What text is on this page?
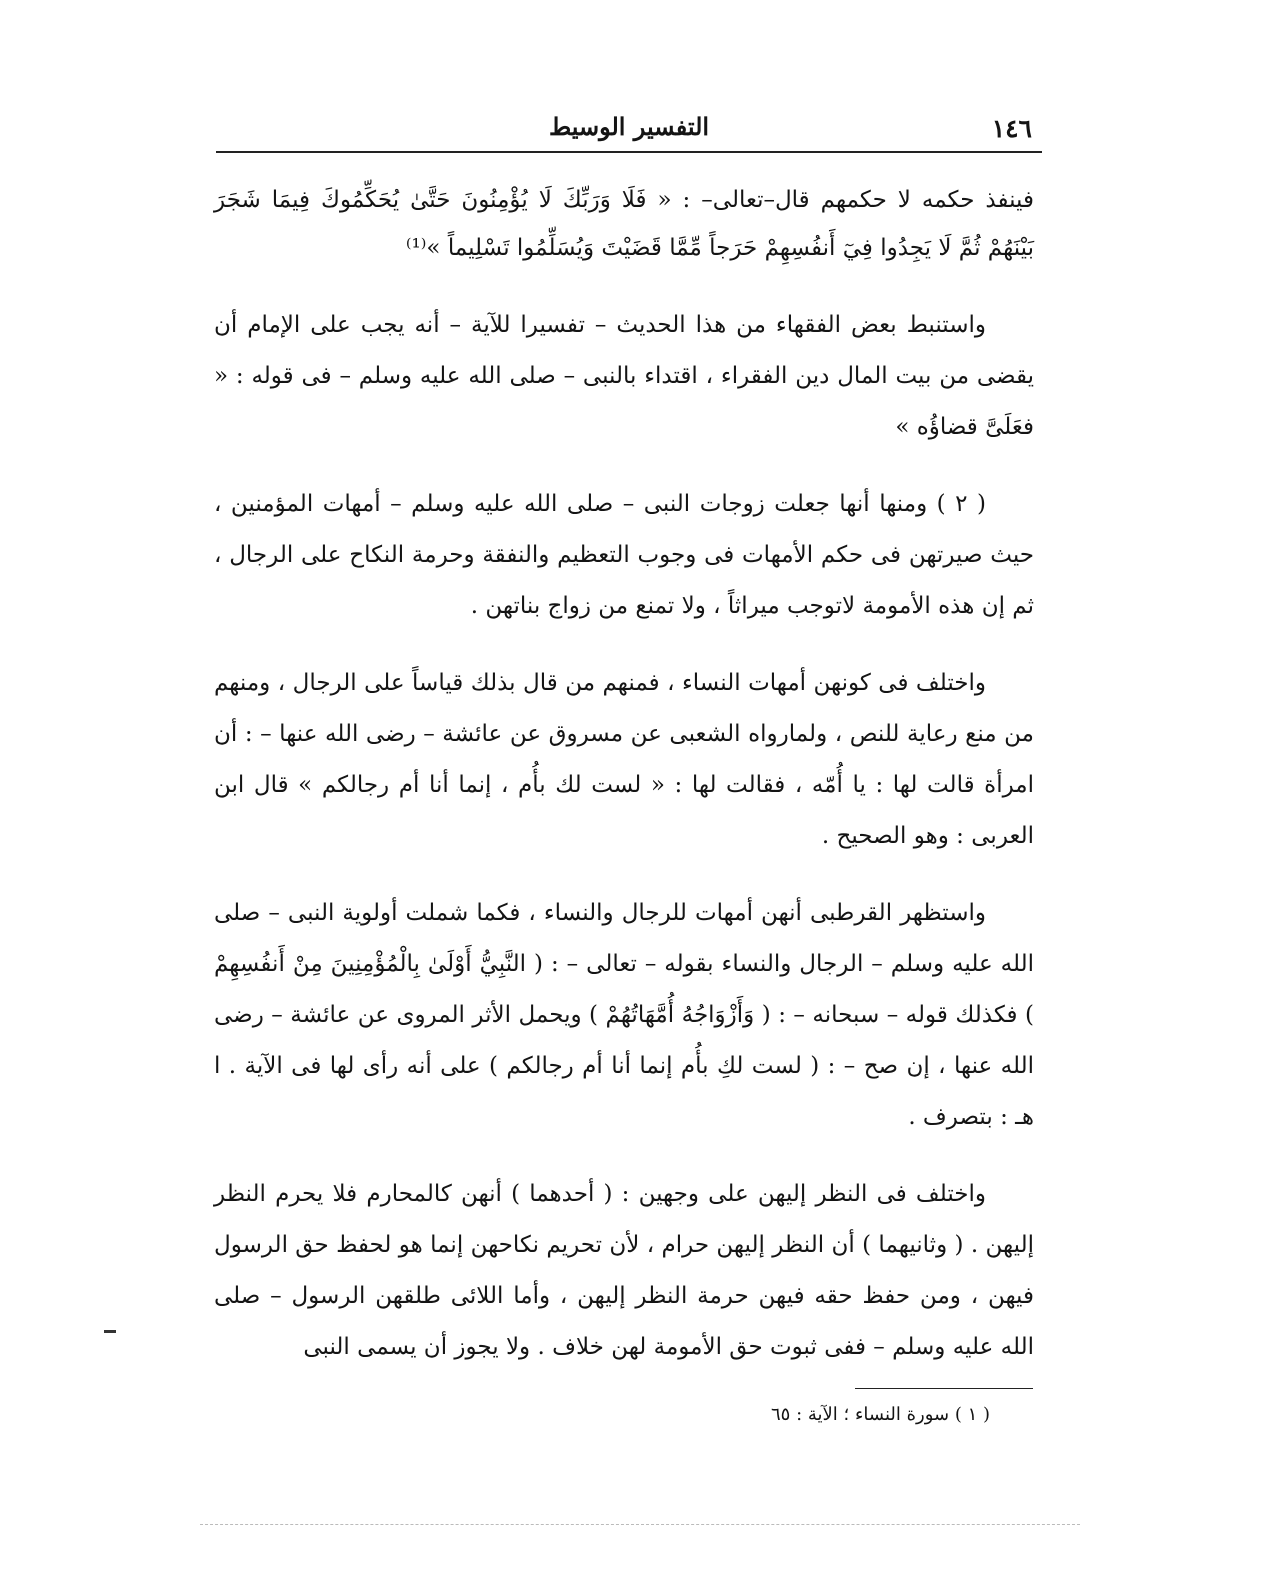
١٤٦
التفسير الوسيط

فينفذ حكمه لا حكمهم قال–تعالى– : « فَلَا وَرَبِّكَ لَا يُؤْمِنُونَ حَتَّىٰ يُحَكِّمُوكَ فِيمَا شَجَرَ بَيْنَهُمْ ثُمَّ لَا يَجِدُوا فِيٓ أَنفُسِهِمْ حَرَجاً مِّمَّا قَضَيْتَ وَيُسَلِّمُوا تَسْلِيماً »⁽¹⁾

واستنبط بعض الفقهاء من هذا الحديث – تفسيرا للآية – أنه يجب على الإمام أن يقضى من بيت المال دين الفقراء ، اقتداء بالنبى – صلى الله عليه وسلم – فى قوله : « فعَلَىَّ قضاؤُه »

( ٢ ) ومنها أنها جعلت زوجات النبى – صلى الله عليه وسلم – أمهات المؤمنين ، حيث صيرتهن فى حكم الأمهات فى وجوب التعظيم والنفقة وحرمة النكاح على الرجال ، ثم إن هذه الأمومة لاتوجب ميراثاً ، ولا تمنع من زواج بناتهن .

واختلف فى كونهن أمهات النساء ، فمنهم من قال بذلك قياساً على الرجال ، ومنهم من منع رعاية للنص ، ولمارواه الشعبى عن مسروق عن عائشة – رضى الله عنها – : أن امرأة قالت لها : يا أُمّه ، فقالت لها : « لست لك بأُم ، إنما أنا أم رجالكم » قال ابن العربى : وهو الصحيح .

واستظهر القرطبى أنهن أمهات للرجال والنساء ، فكما شملت أولوية النبى – صلى الله عليه وسلم – الرجال والنساء بقوله – تعالى – : ( النَّبِيُّ أَوْلَىٰ بِالْمُؤْمِنِينَ مِنْ أَنفُسِهِمْ ) فكذلك قوله – سبحانه – : ( وَأَزْوَاجُهُ أُمَّهَاتُهُمْ ) ويحمل الأثر المروى عن عائشة – رضى الله عنها ، إن صح – : ( لست لكِ بأُم إنما أنا أم رجالكم ) على أنه رأى لها فى الآية . ا هـ : بتصرف .

واختلف فى النظر إليهن على وجهين : ( أحدهما ) أنهن كالمحارم فلا يحرم النظر إليهن . ( وثانيهما ) أن النظر إليهن حرام ، لأن تحريم نكاحهن إنما هو لحفظ حق الرسول فيهن ، ومن حفظ حقه فيهن حرمة النظر إليهن ، وأما اللائى طلقهن الرسول – صلى الله عليه وسلم – ففى ثبوت حق الأمومة لهن خلاف . ولا يجوز أن يسمى النبى

( ١ ) سورة النساء ؛ الآية : ٦٥
